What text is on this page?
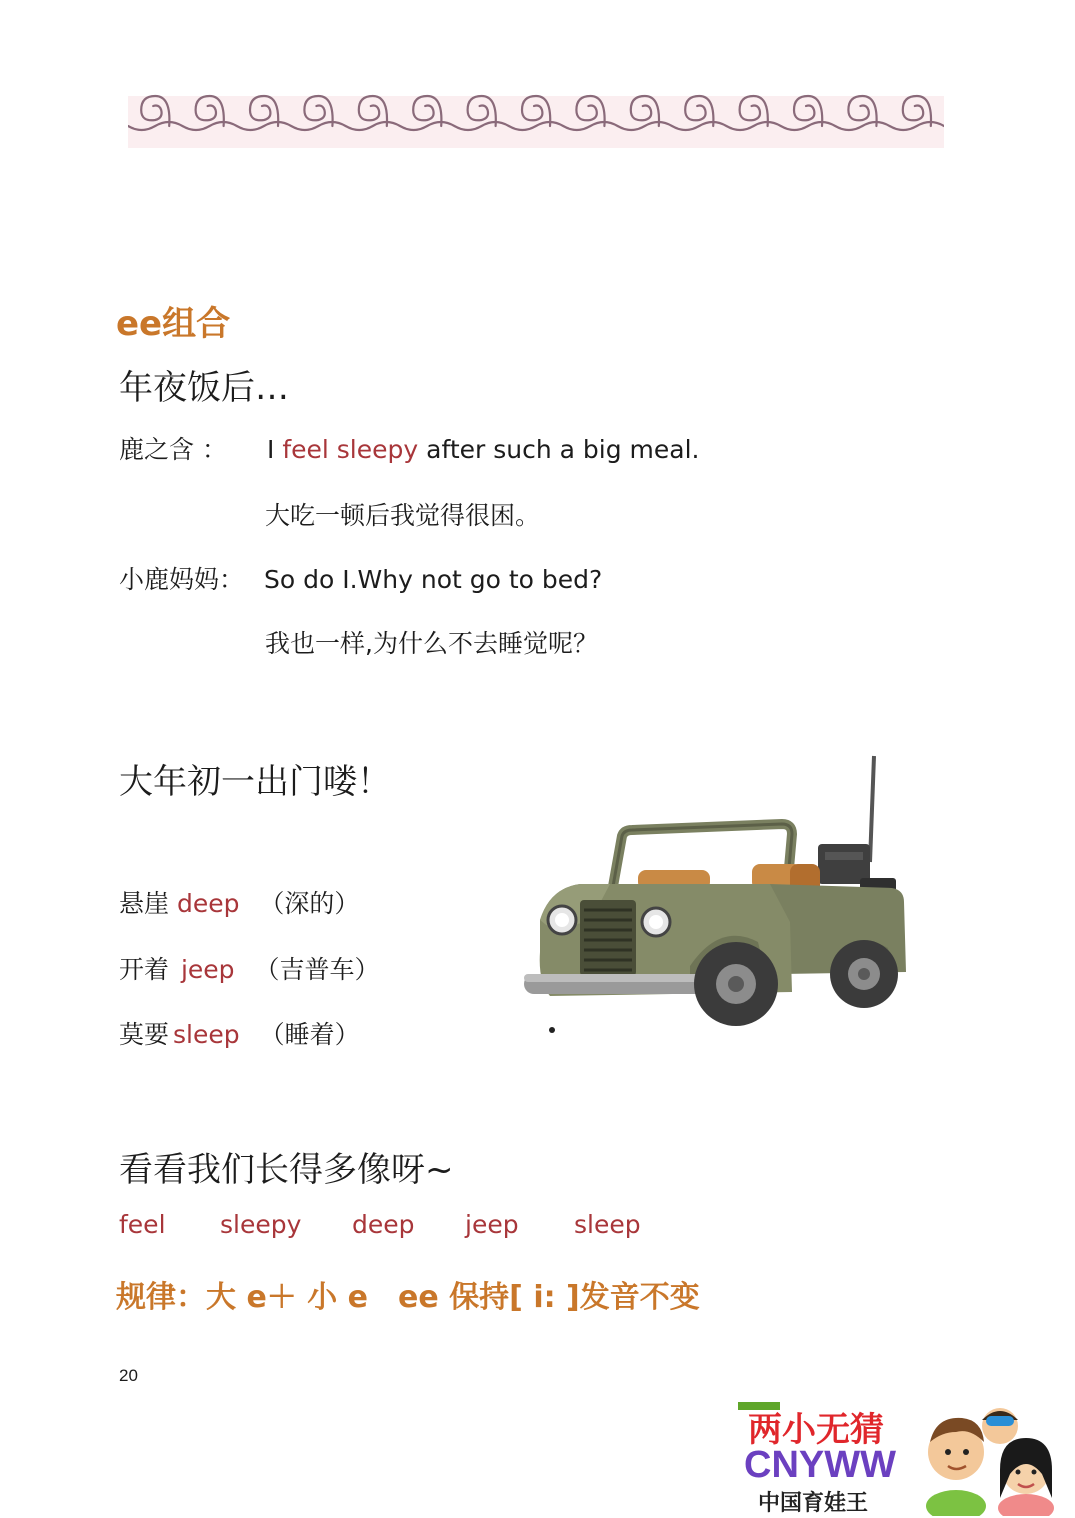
ee组合
年夜饭后…
鹿之含 ： I feel sleepy after such a big meal.
大吃一顿后我觉得很困。
小鹿妈妈： So do I.Why not go to bed?
我也一样,为什么不去睡觉呢？
大年初一出门喽！
悬崖 deep （深的）
开着 jeep （吉普车）
莫要 sleep （睡着）
看看我们长得多像呀~
feel sleepy deep jeep sleep
规律：大 e＋ 小 e　ee 保持[ i: ]发音不变
20
两小无猜
CNYWW
中国育娃王
